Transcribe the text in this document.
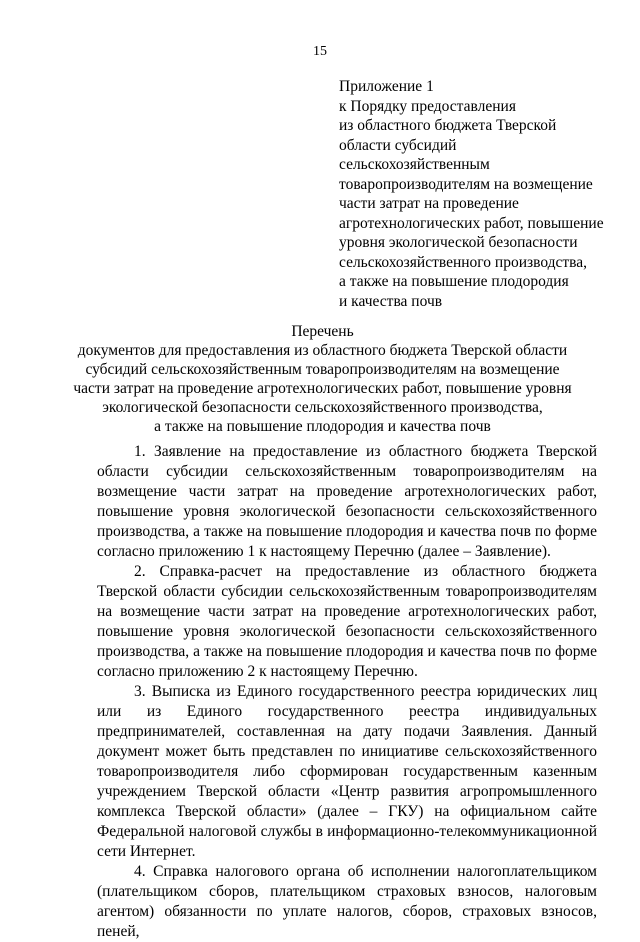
15
Приложение 1
к Порядку предоставления
из областного бюджета Тверской
области субсидий
сельскохозяйственным
товаропроизводителям на возмещение
части затрат на проведение
агротехнологических работ, повышение
уровня экологической безопасности
сельскохозяйственного производства,
а также на повышение плодородия
и качества почв
Перечень
документов для предоставления из областного бюджета Тверской области
субсидий сельскохозяйственным товаропроизводителям на возмещение
части затрат на проведение агротехнологических работ, повышение уровня
экологической безопасности сельскохозяйственного производства,
а также на повышение плодородия и качества почв

1. Заявление на предоставление из областного бюджета Тверской области субсидии сельскохозяйственным товаропроизводителям на возмещение части затрат на проведение агротехнологических работ, повышение уровня экологической безопасности сельскохозяйственного производства, а также на повышение плодородия и качества почв по форме согласно приложению 1 к настоящему Перечню (далее – Заявление).

2. Справка-расчет на предоставление из областного бюджета Тверской области субсидии сельскохозяйственным товаропроизводителям на возмещение части затрат на проведение агротехнологических работ, повышение уровня экологической безопасности сельскохозяйственного производства, а также на повышение плодородия и качества почв по форме согласно приложению 2 к настоящему Перечню.

3. Выписка из Единого государственного реестра юридических лиц или из Единого государственного реестра индивидуальных предпринимателей, составленная на дату подачи Заявления. Данный документ может быть представлен по инициативе сельскохозяйственного товаропроизводителя либо сформирован государственным казенным учреждением Тверской области «Центр развития агропромышленного комплекса Тверской области» (далее – ГКУ) на официальном сайте Федеральной налоговой службы в информационно-телекоммуникационной сети Интернет.

4. Справка налогового органа об исполнении налогоплательщиком (плательщиком сборов, плательщиком страховых взносов, налоговым агентом) обязанности по уплате налогов, сборов, страховых взносов, пеней,
